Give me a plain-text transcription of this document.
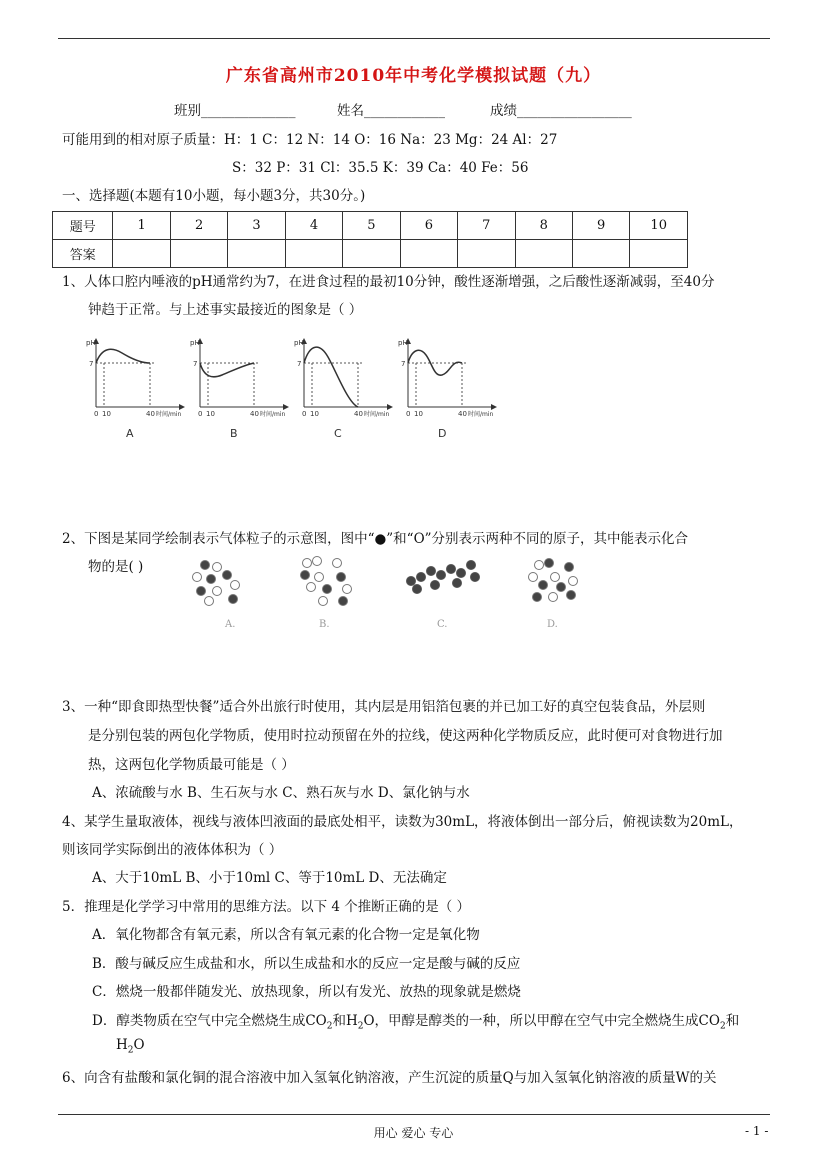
广东省高州市2010年中考化学模拟试题（九）
班别______________	姓名____________	成绩_________________
可能用到的相对原子质量：H：1 C：12 N：14 O：16 Na：23 Mg：24 Al：27
S：32 P：31 Cl：35.5 K：39 Ca：40 Fe：56
一、选择题(本题有10小题，每小题3分，共30分。)
题号	1	2	3	4	5	6	7	8	9	10
答案										
1、人体口腔内唾液的pH通常约为7，在进食过程的最初10分钟，酸性逐渐增强，之后酸性逐渐减弱，至40分
钟趋于正常。与上述事实最接近的图象是（ ）
pH
7
0 10	40 时间/min
A
pH
7
0 10	40 时间/min
B
pH
7
0 10	40 时间/min
C
pH
7
0 10	40 时间/min
D
2、下图是某同学绘制表示气体粒子的示意图，图中“●”和“O”分别表示两种不同的原子，其中能表示化合
物的是( )
A.	B.	C.	D.
3、一种“即食即热型快餐”适合外出旅行时使用，其内层是用铝箔包裹的并已加工好的真空包装食品，外层则
是分别包装的两包化学物质，使用时拉动预留在外的拉线，使这两种化学物质反应，此时便可对食物进行加
热，这两包化学物质最可能是（ ）
A、浓硫酸与水 B、生石灰与水 C、熟石灰与水 D、氯化钠与水
4、某学生量取液体，视线与液体凹液面的最底处相平，读数为30mL，将液体倒出一部分后，俯视读数为20mL，
则该同学实际倒出的液体体积为（ ）
A、大于10mL B、小于10ml C、等于10mL D、无法确定
5．推理是化学学习中常用的思维方法。以下 4 个推断正确的是（ ）
A．氧化物都含有氧元素，所以含有氧元素的化合物一定是氧化物
B．酸与碱反应生成盐和水，所以生成盐和水的反应一定是酸与碱的反应
C．燃烧一般都伴随发光、放热现象，所以有发光、放热的现象就是燃烧
D．醇类物质在空气中完全燃烧生成$CO_2$和$H_2O$，甲醇是醇类的一种，所以甲醇在空气中完全燃烧生成$CO_2$和
$H_2O$
6、向含有盐酸和氯化铜的混合溶液中加入氢氧化钠溶液，产生沉淀的质量Q与加入氢氧化钠溶液的质量W的关
用心 爱心 专心	- 1 -
